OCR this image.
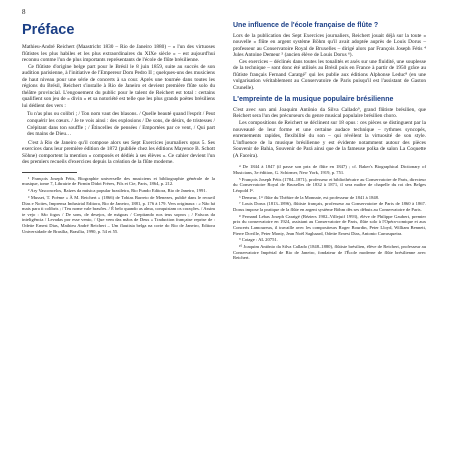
8
Préface

Mathieu-André Reichert (Maastricht 1830 – Rio de Janeiro 1880) – « l'un des virtuoses flûtistes les plus habiles et les plus extraordinaires du XIXe siècle » – est aujourd'hui reconnu comme l'un de plus importants représentants de l'école de flûte brésilienne.

Ce flûtiste d'origine belge part pour le Brésil le 8 juin 1859, suite au succès de son audition parisienne, à l'initiative de l'Empereur Dom Pedro II ; quelques-uns des musiciens de haut niveau pour une série de concerts à sa cour. Après une tournée dans toutes les régions du Brésil, Reichert s'installe à Rio de Janeiro et devient première flûte solo du théâtre provincial. L'engouement du public pour le talent de Reichert est total : certains qualifient son jeu de « divin » et sa notoriété est telle que les plus grands poètes brésiliens lui dédient des vers :

Tu n'as plus ou colibri ; / Ton nom vaut des blasons. / Quelle beauté quand l'esprit / Peut conquérir les cœurs. / Je te vois ainsi : des explosions / De sons, de désirs, de tristesses / Crépitant dans ton souffle ; / Étincelles de pensées / Emportées par ce vent, / Qui part des mains de Dieu…

C'est à Rio de Janeiro qu'il compose alors ses Sept Exercices journaliers opus 5. Ses exercices dans leur première édition de 1872 (publiée chez les éditions Mayence B. Schott Söhne) comportent la mention « composés et dédiés à ses élèves ». Ce cahier devient l'un des premiers recueils d'exercices depuis la création de la flûte moderne.

¹ François Joseph Fétis, Biographie universelle des musiciens et bibliographie générale de la musique, tome 7, Librairie de Firmin Didot Frères, Fils et Cie, Paris, 1864, p. 212.

² Ary Vasconcelos, Raízes da música popular brasileira, Rio Fundo Editora, Rio de Janeiro, 1991.

³ Musset, T. Poème « À M. Reichert » (1866) de Tobias Barreto de Menezes, publié dans le recueil Dias e Noites, Imprensa Industrial Editora, Rio de Janeiro, 1881, p. 176 à 179. Vers originaux : « Não há mais para ti colibris ; / Teu nome vale brasões. / É belo quando as alma, conquistam os corações. / Assim te vejo : São fogos / De sons, de desejos, de mágoas / Crepitando nos teus sopros ; / Faíscas da inteligência / Levadas por esse vento, / Que vem das mãos de Deus » Traduction française reprise de : Odette Ernest Dias, Mathieu André Reichert – Um flautista belga na corte do Rio de Janeiro, Editora Universidade de Brasília, Brasília, 1990, p. 54 et 55.

Une influence de l'école française de flûte ?

Lors de la publication des Sept Exercices journaliers, Reichert jouait déjà sur la toute « nouvelle » flûte en argent système Böhm qu'il avait adoptée auprès de Louis Dorus – professeur au Conservatoire Royal de Bruxelles – dirigé alors par François Joseph Fétis ⁴ Jules Antoine Demeur ⁵ (ancien élève de Louis Dorus ⁶).

Ces exercices – déclinés dans toutes les tonalités et axés sur une fluidité, une souplesse de la technique – sont donc été utilisés au Brésil puis en France à partir de 1950 grâce au flûtiste français Fernand Caratgé⁷ qui les publie aux éditions Alphonse Leduc⁸ (en une vulgarisation véritablement au Conservatoire de Paris puisqu'il est l'assistant de Gaston Crunelle).

L'empreinte de la musique populaire brésilienne

C'est avec son ami Joaquim Antônio da Silva Callado⁹, grand flûtiste brésilien, que Reichert sera l'un des précurseurs du genre musical populaire brésilien choro.

Les compositions de Reichert se déclinent sur 18 opus : ces pièces se distinguent par la nouveauté de leur forme et une certaine audace technique – rythmes syncopés, enremements rapides, flexibilité du son – qui révèlent la virtuosité de son style. L'influence de la musique brésilienne y est évidente notamment autour des pièces Souvenir de Bahia, Souvenir de Pará ainsi que de la fameuse polka de salon La Coquette (A Faceira).

⁴ De 1844 à 1847 (il passe son prix de flûte en 1847) ; cf. Baker's Biographical Dictionary of Musicians, 3e édition, G. Schirmer, New York, 1919, p. 751.

⁵ François Joseph Fétis (1784–1871), professeur et bibliothécaire au Conservatoire de Paris, directeur du Conservatoire Royal de Bruxelles de 1832 à 1871, il sera maître de chapelle du roi des Belges Léopold Iᵉʳ.

⁶ Demeur, 1ᵉʳ flûte du Théâtre de la Monnaie, est professeur de 1841 à 1848.

⁷ Louis Dorus (1813–1896), flûtiste français, professeur au Conservatoire de Paris de 1860 à 1867. Dorus impose la pratique de la flûte en argent système Böhm dès ses débuts au Conservatoire de Paris.

⁸ Fernand Lebas Joseph Caratgé (Béziers 1902–Villejuif 1993), élève de Philippe Gaubert, premier prix du conservatoire en 1924, assistant au Conservatoire de Paris, flûte solo à l'Opéra-comique et aux Concerts Lamoureux, il travaille avec les compositeurs Roger Bourdin, Peter Lloyd, William Bennett, Pierre Doville, Peter Monty, Jean Noël Saghaard, Odette Ernest Dias, Antonio Carrasqueira.

⁹ Cotage : AL 20751.

¹⁰ Joaquim Antônio da Silva Callado (1848–1880), flûtiste brésilien, élève de Reichert, professeur au Conservatoire Impérial de Rio de Janeiro, fondateur de l'École moderne de flûte brésilienne avec Reichert.
